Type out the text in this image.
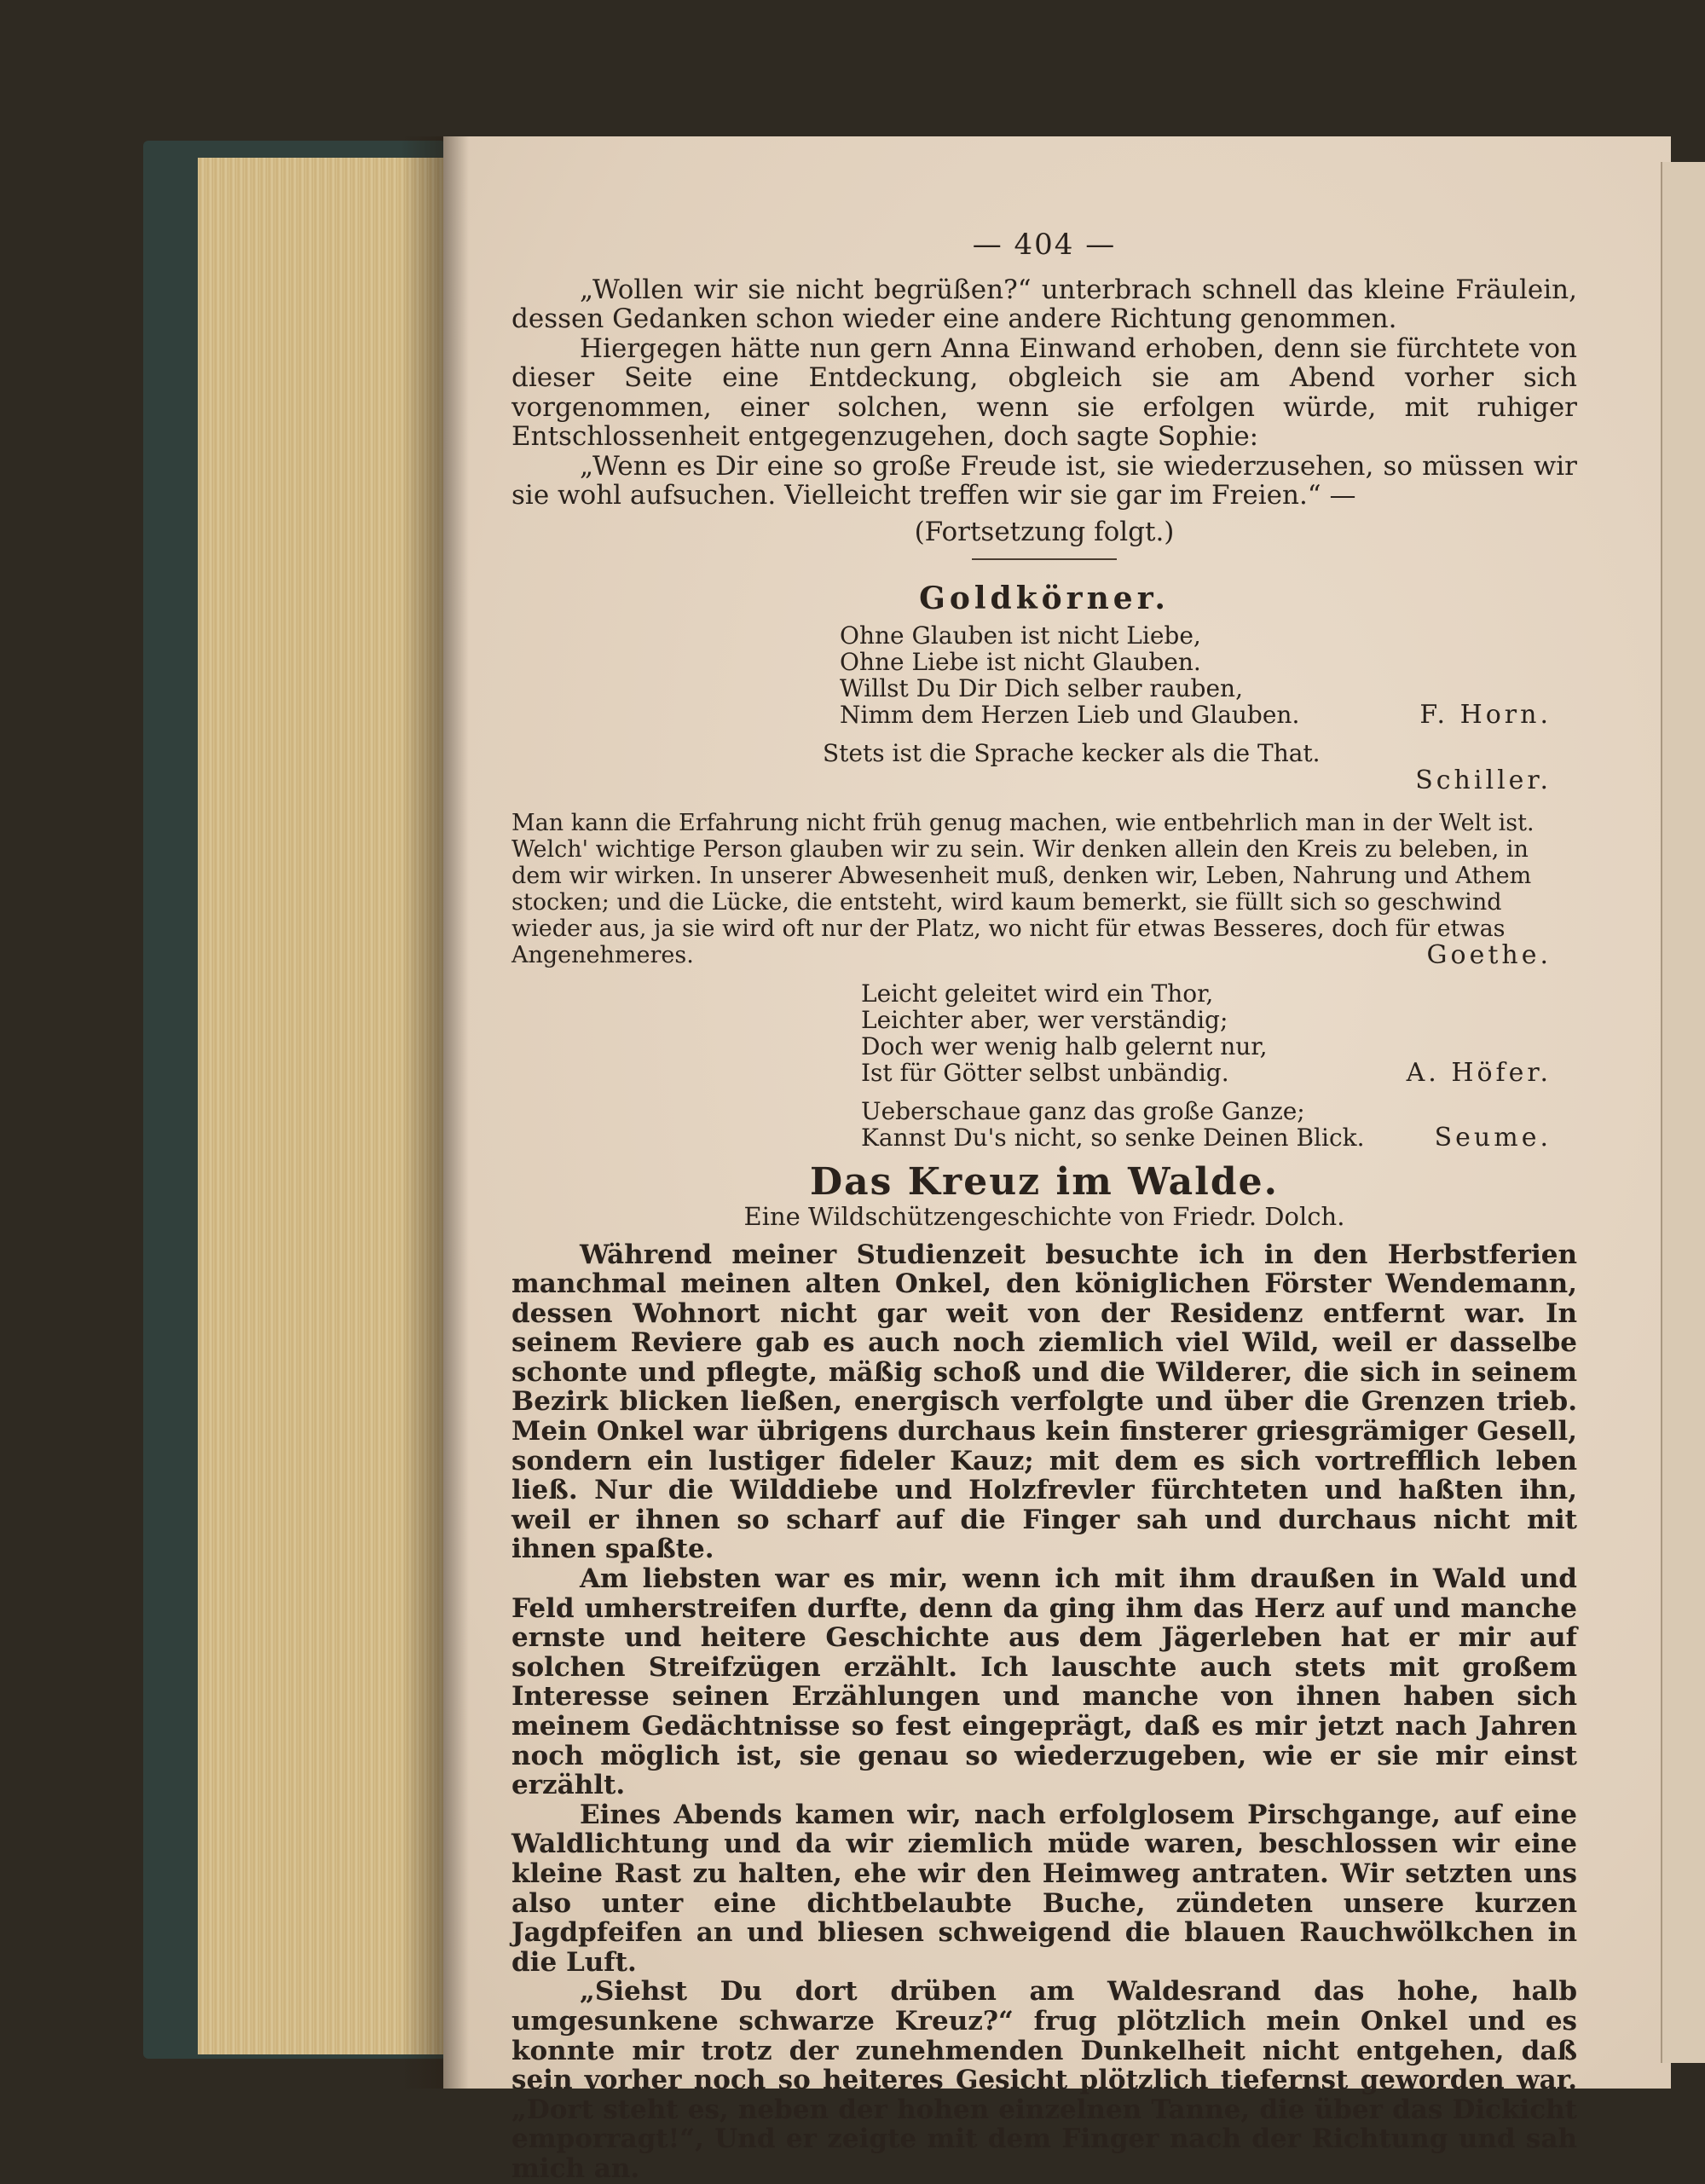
— 404 —

„Wollen wir sie nicht begrüßen?“ unterbrach schnell das kleine Fräulein, dessen Gedanken schon wieder eine andere Richtung genommen.

Hiergegen hätte nun gern Anna Einwand erhoben, denn sie fürchtete von dieser Seite eine Entdeckung, obgleich sie am Abend vorher sich vorgenommen, einer solchen, wenn sie erfolgen würde, mit ruhiger Entschlossenheit entgegenzugehen, doch sagte Sophie:

„Wenn es Dir eine so große Freude ist, sie wiederzusehen, so müssen wir sie wohl aufsuchen. Vielleicht treffen wir sie gar im Freien.“ —

(Fortsetzung folgt.)
Goldkörner.
Ohne Glauben ist nicht Liebe,
Ohne Liebe ist nicht Glauben.
Willst Du Dir Dich selber rauben,
Nimm dem Herzen Lieb und Glauben.	F. Horn.
Stets ist die Sprache kecker als die That.
Schiller.
Man kann die Erfahrung nicht früh genug machen, wie entbehrlich man in der Welt ist. Welch' wichtige Person glauben wir zu sein. Wir denken allein den Kreis zu beleben, in dem wir wirken. In unserer Abwesenheit muß, denken wir, Leben, Nahrung und Athem stocken; und die Lücke, die entsteht, wird kaum bemerkt, sie füllt sich so geschwind wieder aus, ja sie wird oft nur der Platz, wo nicht für etwas Besseres, doch für etwas Angenehmeres.	Goethe.
Leicht geleitet wird ein Thor,
Leichter aber, wer verständig;
Doch wer wenig halb gelernt nur,
Ist für Götter selbst unbändig.	A. Höfer.
Ueberschaue ganz das große Ganze;
Kannst Du's nicht, so senke Deinen Blick.	Seume.
Das Kreuz im Walde.
Eine Wildschützengeschichte von Friedr. Dolch.

Während meiner Studienzeit besuchte ich in den Herbstferien manchmal meinen alten Onkel, den königlichen Förster Wendemann, dessen Wohnort nicht gar weit von der Residenz entfernt war. In seinem Reviere gab es auch noch ziemlich viel Wild, weil er dasselbe schonte und pflegte, mäßig schoß und die Wilderer, die sich in seinem Bezirk blicken ließen, energisch verfolgte und über die Grenzen trieb. Mein Onkel war übrigens durchaus kein finsterer griesgrämiger Gesell, sondern ein lustiger fideler Kauz; mit dem es sich vortrefflich leben ließ. Nur die Wilddiebe und Holzfrevler fürchteten und haßten ihn, weil er ihnen so scharf auf die Finger sah und durchaus nicht mit ihnen spaßte.

Am liebsten war es mir, wenn ich mit ihm draußen in Wald und Feld umherstreifen durfte, denn da ging ihm das Herz auf und manche ernste und heitere Geschichte aus dem Jägerleben hat er mir auf solchen Streifzügen erzählt. Ich lauschte auch stets mit großem Interesse seinen Erzählungen und manche von ihnen haben sich meinem Gedächtnisse so fest eingeprägt, daß es mir jetzt nach Jahren noch möglich ist, sie genau so wiederzugeben, wie er sie mir einst erzählt.

Eines Abends kamen wir, nach erfolglosem Pirschgange, auf eine Waldlichtung und da wir ziemlich müde waren, beschlossen wir eine kleine Rast zu halten, ehe wir den Heimweg antraten. Wir setzten uns also unter eine dichtbelaubte Buche, zündeten unsere kurzen Jagdpfeifen an und bliesen schweigend die blauen Rauchwölkchen in die Luft.

„Siehst Du dort drüben am Waldesrand das hohe, halb umgesunkene schwarze Kreuz?“ frug plötzlich mein Onkel und es konnte mir trotz der zunehmenden Dunkelheit nicht entgehen, daß sein vorher noch so heiteres Gesicht plötzlich tiefernst geworden war. „Dort steht es, neben der hohen einzelnen Tanne, die über das Dickicht emporragt!“, Und er zeigte mit dem Finger nach der Richtung und sah mich an.
